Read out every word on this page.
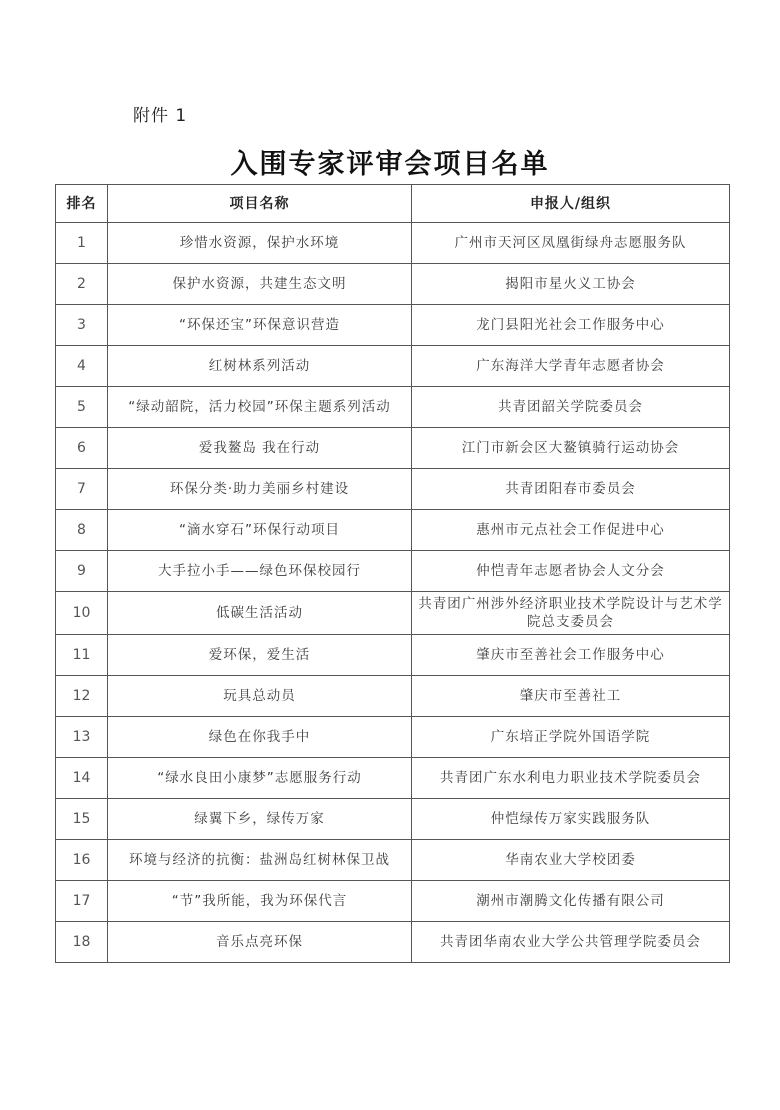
附件 1
入围专家评审会项目名单
排名	项目名称	申报人/组织
1	珍惜水资源，保护水环境	广州市天河区凤凰街绿舟志愿服务队
2	保护水资源，共建生态文明	揭阳市星火义工协会
3	“环保还宝”环保意识营造	龙门县阳光社会工作服务中心
4	红树林系列活动	广东海洋大学青年志愿者协会
5	“绿动韶院，活力校园”环保主题系列活动	共青团韶关学院委员会
6	爱我鳌岛 我在行动	江门市新会区大鳌镇骑行运动协会
7	环保分类·助力美丽乡村建设	共青团阳春市委员会
8	“滴水穿石”环保行动项目	惠州市元点社会工作促进中心
9	大手拉小手——绿色环保校园行	仲恺青年志愿者协会人文分会
10	低碳生活活动	共青团广州涉外经济职业技术学院设计与艺术学院总支委员会
11	爱环保，爱生活	肇庆市至善社会工作服务中心
12	玩具总动员	肇庆市至善社工
13	绿色在你我手中	广东培正学院外国语学院
14	“绿水良田小康梦”志愿服务行动	共青团广东水利电力职业技术学院委员会
15	绿翼下乡，绿传万家	仲恺绿传万家实践服务队
16	环境与经济的抗衡：盐洲岛红树林保卫战	华南农业大学校团委
17	“节”我所能，我为环保代言	潮州市潮腾文化传播有限公司
18	音乐点亮环保	共青团华南农业大学公共管理学院委员会
